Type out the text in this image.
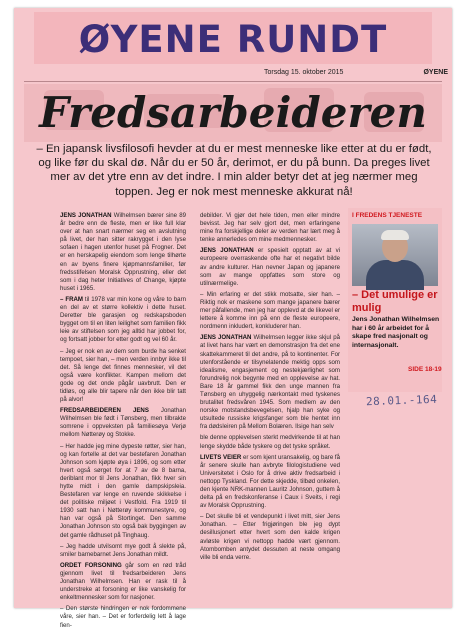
ØYENE RUNDT
Torsdag 15. oktober 2015	ØYENE
Fredsarbeideren
– En japansk livsfilosofi hevder at du er mest menneske like etter at du er født, og like før du skal dø. Når du er 50 år, derimot, er du på bunn. Da preges livet mer av det ytre enn av det indre. I min alder betyr det at jeg nærmer meg toppen. Jeg er nok mest menneske akkurat nå!

JENS JONATHAN Wilhelmsen bærer sine 89 år bedre enn de fleste, men er like full klar over at han snart nærmer seg en avslutning på livet, der han sitter rakrygget i den lyse sofaen i hagen utenfor huset på Frogner. Det er en herskapelig eiendom som lenge tilhørte en av byens finere kjøpmannsfamilier, før fredsstifelsen Moralsk Opprustning, eller det som i dag heter Initiatives of Change, kjøpte huset i 1965.

– FRAM til 1978 var min kone og våre to barn en del av et større kollektiv i dette huset. Deretter ble garasjen og redskapsboden bygget om til en liten leilighet som familien fikk leie av stiftelsen som jeg alltid har jobbet for, og fortsatt jobber for etter godt og vel 60 år.

– Jeg er nok en av dem som burde ha senket tempoet, sier han, – men verden innbyr ikke til det. Så lenge det finnes mennesker, vil det også være konflikter. Kampen mellom det gode og det onde pågår uavbrutt. Den er tidløs, og alle blir tapere når den ikke blir tatt på alvor!

FREDSARBEIDEREN JENS Jonathan Wilhelmsen ble født i Tønsberg, men tilbrakte somrene i oppveksten på familiesøya Verjø mellom Nøtterøy og Stokke.

– Her hadde jeg mine dypeste røtter, sier han, og kan fortelle at det var bestefaren Jonathan Johnson som kjøpte øya i 1896, og som etter hvert også sørget for at 7 av de 8 barna, deriblant mor til Jens Jonathan, fikk hver sin hytte midt i den gamle dampskipsleia. Bestefaren var lenge en ruvende skikkelse i det politiske miljøet i Vestfold. Fra 1919 til 1930 satt han i Nøtterøy kommunestyre, og han var også på Stortinget. Den samme Jonathan Johnson sto også bak byggingen av det gamle rådhuset på Tinghaug.

– Jeg hadde utvilsomt mye godt å slekte på, smiler barnebarnet Jens Jonathan mildt.

ORDET FORSONING går som en rød tråd gjennom livet til fredsarbeideren Jens Jonathan Wilhelmsen. Han er rask til å understreke at forsoning er like vanskelig for enkeltmennesker som for nasjoner.

– Den største hindringen er nok fordommene våre, sier han. – Det er forferdelig lett å lage fien-

debilder. Vi gjør det hele tiden, men eller mindre bevisst. Jeg har selv gjort det, men erfaringene mine fra forskjellige deler av verden har lært meg å tenke annerledes om mine medmennesker.

JENS JONATHAN er spesielt opptatt av at vi europeere overraskende ofte har et negativt bilde av andre kulturer. Han nevner Japan og japanere som av mange oppfattes som store og utilnærmelige.

– Min erfaring er det stikk motsatte, sier han. – Riktig nok er maskene som mange japanere bærer mer påfallende, men jeg har opplevd at de likevel er lettere å komme inn på enn de fleste europeere, nordmenn inkludert, konkluderer han.

JENS JONATHAN Wilhelmsen legger ikke skjul på at livet hans har vært en demonstrasjon fra det ene skattekammeret til det andre, på to kontinenter. For utenforstående er tilsynelatende mektig opps som idealisme, engasjement og nestekjærlighet som forundrelig nok begynte med en opplevelse av hat. Bare 18 år gammel fikk den unge mannen fra Tønsberg en uhyggelig nærkontakt med tyskenes brutalitet fredsvåren 1945. Som medlem av den norske motstandsbevegelsen, hjalp han syke og utsultede russiske krigsfanger som ble hentet inn fra dødsleiren på Mellom Bolæren. Ilsige han selv

ble denne opplevelsen sterkt medvirkende til at han lenge skydde både tyskere og det tyske språket.

LIVETS VEIER er som kjent uransakelig, og bare få år senere skulle han avbryte filologistudiene ved Universitetet i Oslo for å drive aktiv fredsarbeid i nettopp Tyskland. For dette skjedde, tilbød onkelen, den kjente NRK-mannen Lauritz Johnson, guttem å delta på en fredskonferanse i Caux i Sveits, i regi av Moralsk Opprustning.

– Det skulle bli et vendepunkt i livet mitt, sier Jens Jonathan. – Etter frigjøringen ble jeg dypt desillusjonert etter hvert som den kalde krigen avløste krigen vi nettopp hadde vært gjennom. Atombomben antydet dessuten at neste omgang ville bli enda verre.

I FREDENS TJENESTE
– Det umulige er mulig
Jens Jonathan Wilhelmsen har i 60 år arbeidet for å skape fred nasjonalt og internasjonalt.
SIDE 18-19
28.01.-164
